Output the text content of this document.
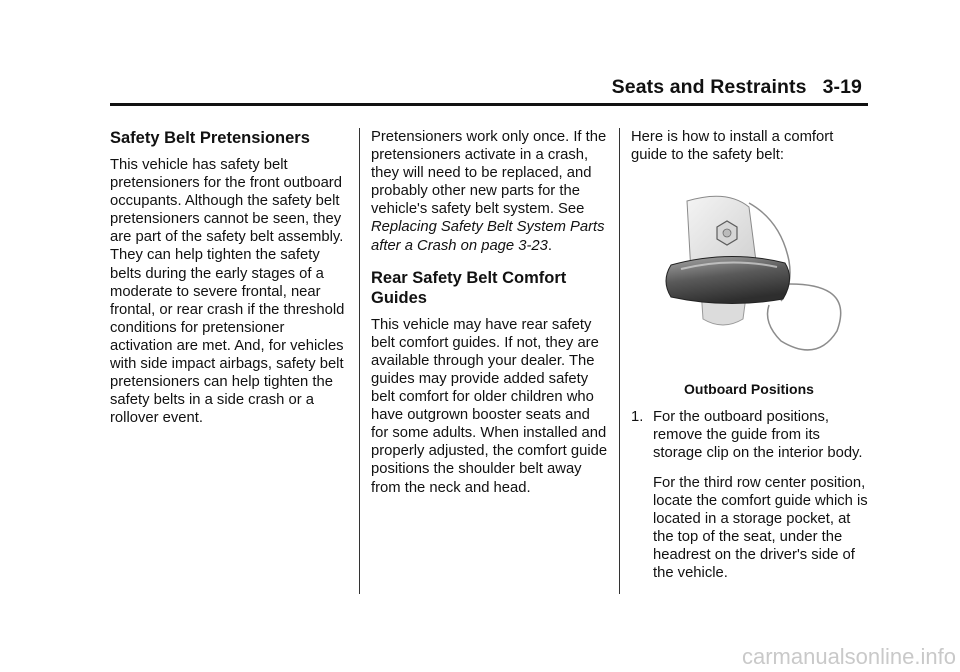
Seats and Restraints 3-19
Safety Belt Pretensioners

This vehicle has safety belt pretensioners for the front outboard occupants. Although the safety belt pretensioners cannot be seen, they are part of the safety belt assembly. They can help tighten the safety belts during the early stages of a moderate to severe frontal, near frontal, or rear crash if the threshold conditions for pretensioner activation are met. And, for vehicles with side impact airbags, safety belt pretensioners can help tighten the safety belts in a side crash or a rollover event.

Pretensioners work only once. If the pretensioners activate in a crash, they will need to be replaced, and probably other new parts for the vehicle's safety belt system. See Replacing Safety Belt System Parts after a Crash on page 3-23.

Rear Safety Belt Comfort Guides

This vehicle may have rear safety belt comfort guides. If not, they are available through your dealer. The guides may provide added safety belt comfort for older children who have outgrown booster seats and for some adults. When installed and properly adjusted, the comfort guide positions the shoulder belt away from the neck and head.

Here is how to install a comfort guide to the safety belt:

Outboard Positions
1. For the outboard positions, remove the guide from its storage clip on the interior body.

For the third row center position, locate the comfort guide which is located in a storage pocket, at the top of the seat, under the headrest on the driver's side of the vehicle.

carmanualsonline.info
